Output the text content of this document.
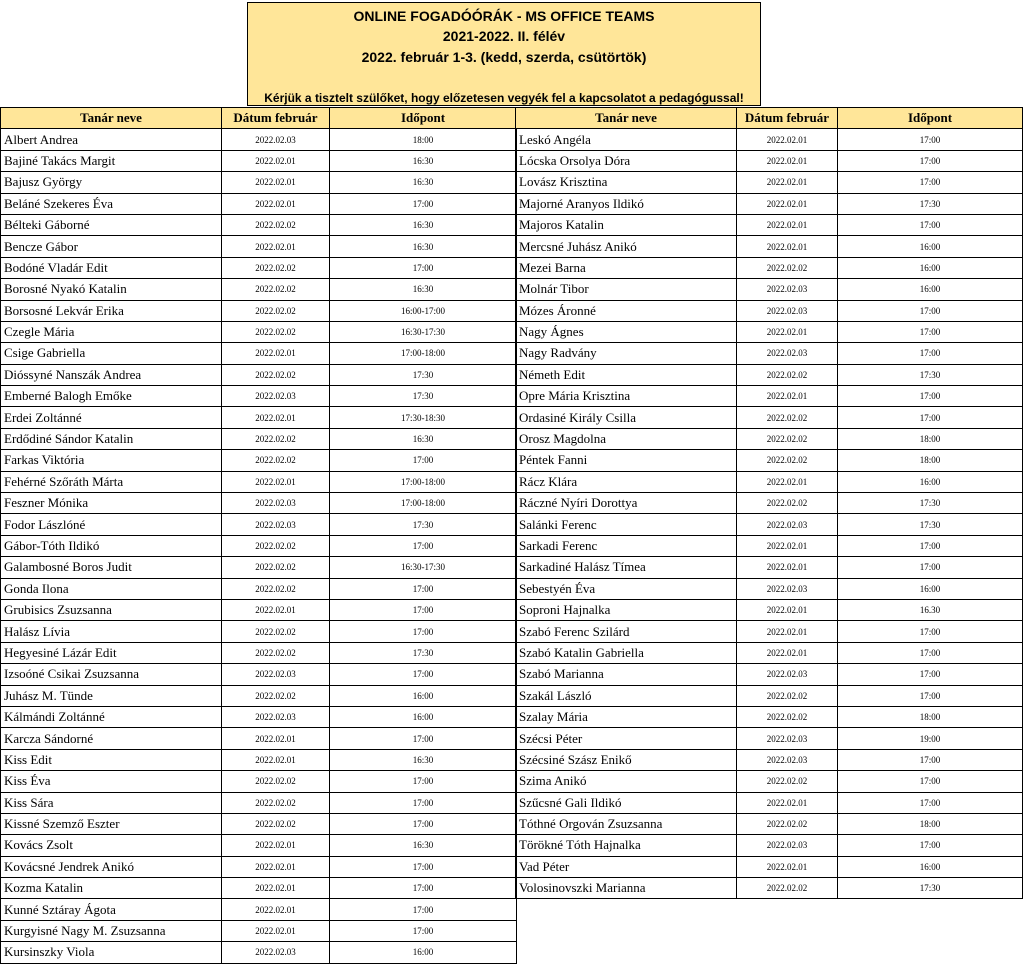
ONLINE FOGADÓÓRÁK - MS OFFICE TEAMS
2021-2022. II. félév
2022. február 1-3. (kedd, szerda, csütörtök)
Kérjük a tisztelt szülőket, hogy előzetesen vegyék fel a kapcsolatot a pedagógussal!
Tanár neve	Dátum február	Időpont
Albert Andrea	2022.02.03	18:00
Bajiné Takács Margit	2022.02.01	16:30
Bajusz György	2022.02.01	16:30
Beláné Szekeres Éva	2022.02.01	17:00
Bélteki Gáborné	2022.02.02	16:30
Bencze Gábor	2022.02.01	16:30
Bodóné Vladár Edit	2022.02.02	17:00
Borosné Nyakó Katalin	2022.02.02	16:30
Borsosné Lekvár Erika	2022.02.02	16:00-17:00
Czegle Mária	2022.02.02	16:30-17:30
Csige Gabriella	2022.02.01	17:00-18:00
Dióssyné Nanszák Andrea	2022.02.02	17:30
Emberné Balogh Emőke	2022.02.03	17:30
Erdei Zoltánné	2022.02.01	17:30-18:30
Erdődiné Sándor Katalin	2022.02.02	16:30
Farkas Viktória	2022.02.02	17:00
Fehérné Szőráth Márta	2022.02.01	17:00-18:00
Feszner Mónika	2022.02.03	17:00-18:00
Fodor Lászlóné	2022.02.03	17:30
Gábor-Tóth Ildikó	2022.02.02	17:00
Galambosné Boros Judit	2022.02.02	16:30-17:30
Gonda Ilona	2022.02.02	17:00
Grubisics Zsuzsanna	2022.02.01	17:00
Halász Lívia	2022.02.02	17:00
Hegyesiné Lázár Edit	2022.02.02	17:30
Izsoóné Csikai Zsuzsanna	2022.02.03	17:00
Juhász M. Tünde	2022.02.02	16:00
Kálmándi Zoltánné	2022.02.03	16:00
Karcza Sándorné	2022.02.01	17:00
Kiss Edit	2022.02.01	16:30
Kiss Éva	2022.02.02	17:00
Kiss Sára	2022.02.02	17:00
Kissné Szemző Eszter	2022.02.02	17:00
Kovács Zsolt	2022.02.01	16:30
Kovácsné Jendrek Anikó	2022.02.01	17:00
Kozma Katalin	2022.02.01	17:00
Kunné Sztáray Ágota	2022.02.01	17:00
Kurgyisné Nagy M. Zsuzsanna	2022.02.01	17:00
Kursinszky Viola	2022.02.03	16:00
Tanár neve	Dátum február	Időpont
Leskó Angéla	2022.02.01	17:00
Lócska Orsolya Dóra	2022.02.01	17:00
Lovász Krisztina	2022.02.01	17:00
Majorné Aranyos Ildikó	2022.02.01	17:30
Majoros Katalin	2022.02.01	17:00
Mercsné Juhász Anikó	2022.02.01	16:00
Mezei Barna	2022.02.02	16:00
Molnár Tibor	2022.02.03	16:00
Mózes Áronné	2022.02.03	17:00
Nagy Ágnes	2022.02.01	17:00
Nagy Radvány	2022.02.03	17:00
Németh Edit	2022.02.02	17:30
Opre Mária Krisztina	2022.02.01	17:00
Ordasiné Király Csilla	2022.02.02	17:00
Orosz Magdolna	2022.02.02	18:00
Péntek Fanni	2022.02.02	18:00
Rácz Klára	2022.02.01	16:00
Ráczné Nyíri Dorottya	2022.02.02	17:30
Salánki Ferenc	2022.02.03	17:30
Sarkadi Ferenc	2022.02.01	17:00
Sarkadiné Halász Tímea	2022.02.01	17:00
Sebestyén Éva	2022.02.03	16:00
Soproni Hajnalka	2022.02.01	16.30
Szabó Ferenc Szilárd	2022.02.01	17:00
Szabó Katalin Gabriella	2022.02.01	17:00
Szabó Marianna	2022.02.03	17:00
Szakál László	2022.02.02	17:00
Szalay Mária	2022.02.02	18:00
Szécsi Péter	2022.02.03	19:00
Szécsiné Szász Enikő	2022.02.03	17:00
Szima Anikó	2022.02.02	17:00
Szűcsné Gali Ildikó	2022.02.01	17:00
Tóthné Orgován Zsuzsanna	2022.02.02	18:00
Törökné Tóth Hajnalka	2022.02.03	17:00
Vad Péter	2022.02.01	16:00
Volosinovszki Marianna	2022.02.02	17:30
